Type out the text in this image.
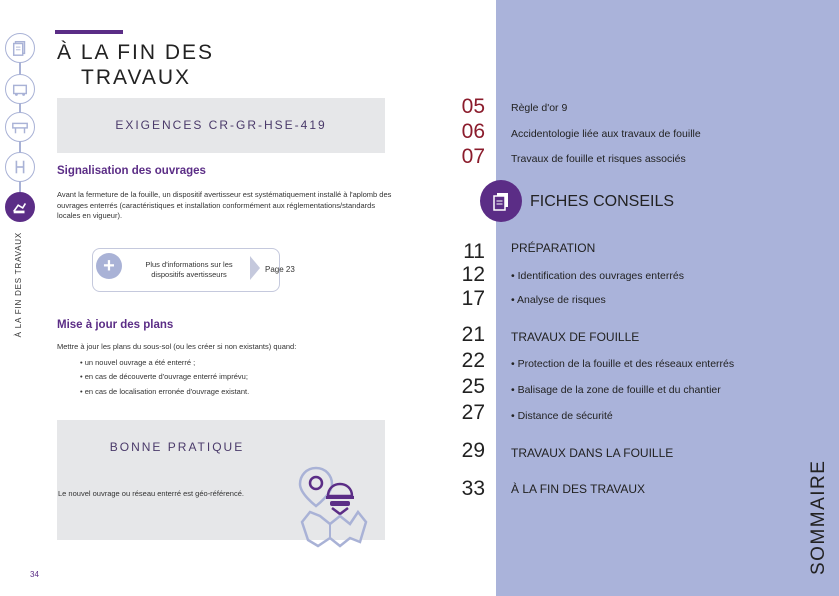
À LA FIN DES
TRAVAUX
À LA FIN DES TRAVAUX
EXIGENCES CR-GR-HSE-419
Signalisation des ouvrages
Avant la fermeture de la fouille, un dispositif avertisseur est systématiquement installé à l'aplomb des ouvrages enterrés (caractéristiques et installation conformément aux réglementations/standards locales en vigueur).
+	Plus d'informations sur les dispositifs avertisseurs
Page 23
Mise à jour des plans
Mettre à jour les plans du sous-sol (ou les créer si non existants) quand:
• un nouvel ouvrage a été enterré ;
• en cas de découverte d'ouvrage enterré imprévu;
• en cas de localisation erronée d'ouvrage existant.
BONNE PRATIQUE
Le nouvel ouvrage ou réseau enterré est géo-référencé.
34
05
06
07
Règle d'or 9
Accidentologie liée aux travaux de fouille
Travaux de fouille et risques associés
FICHES CONSEILS
11
12
17
PRÉPARATION
• Identification des ouvrages enterrés
• Analyse de risques
21
22
25
27
TRAVAUX DE FOUILLE
• Protection de la fouille et des réseaux enterrés
• Balisage de la zone de fouille et du chantier
• Distance de sécurité
29 TRAVAUX DANS LA FOUILLE
33 À LA FIN DES TRAVAUX	SOMMAIRE
